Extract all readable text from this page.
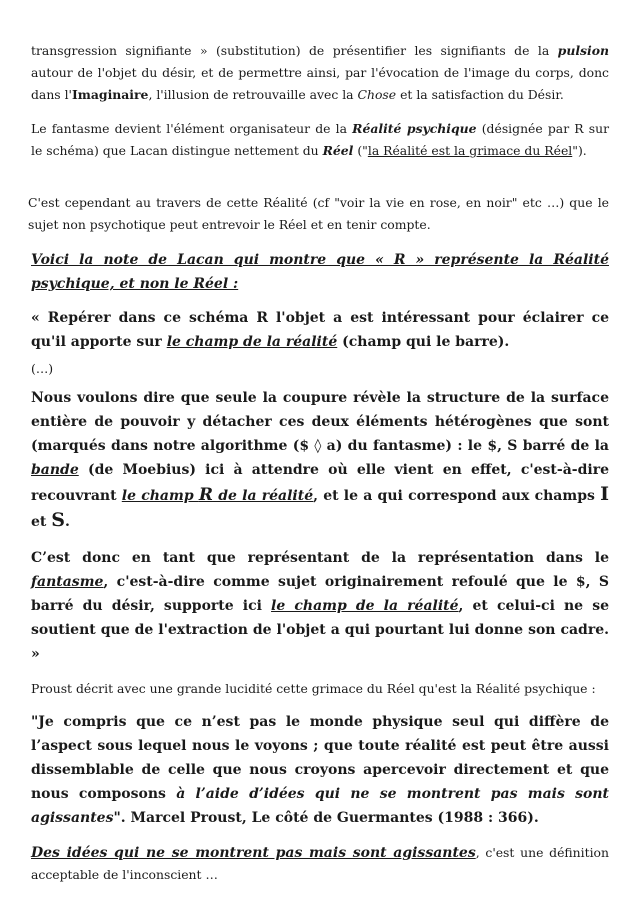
transgression signifiante » (substitution) de présentifier les signifiants de la pulsion autour de l'objet du désir, et de permettre ainsi, par l'évocation de l'image du corps, donc dans l'Imaginaire, l'illusion de retrouvaille avec la Chose et la satisfaction du Désir.

Le fantasme devient l'élément organisateur de la Réalité psychique (désignée par R sur le schéma) que Lacan distingue nettement du Réel ("la Réalité est la grimace du Réel").

C'est cependant au travers de cette Réalité (cf "voir la vie en rose, en noir" etc …) que le sujet non psychotique peut entrevoir le Réel et en tenir compte.

Voici la note de Lacan qui montre que « R » représente la Réalité psychique, et non le Réel :

« Repérer dans ce schéma R l'objet a est intéressant pour éclairer ce qu'il apporte sur le champ de la réalité (champ qui le barre).

(…)

Nous voulons dire que seule la coupure révèle la structure de la surface entière de pouvoir y détacher ces deux éléments hétérogènes que sont (marqués dans notre algorithme ($ ◊ a) du fantasme) : le $, S barré de la bande (de Moebius) ici à attendre où elle vient en effet, c'est-à-dire recouvrant le champ R de la réalité, et le a qui correspond aux champs I et S.

C’est donc en tant que représentant de la représentation dans le fantasme, c'est-à-dire comme sujet originairement refoulé que le $, S barré du désir, supporte ici le champ de la réalité, et celui-ci ne se soutient que de l'extraction de l'objet a qui pourtant lui donne son cadre. »

Proust décrit avec une grande lucidité cette grimace du Réel qu'est la Réalité psychique :

"Je compris que ce n’est pas le monde physique seul qui diffère de l’aspect sous lequel nous le voyons ; que toute réalité est peut être aussi dissemblable de celle que nous croyons apercevoir directement et que nous composons à l’aide d’idées qui ne se montrent pas mais sont agissantes". Marcel Proust, Le côté de Guermantes (1988 : 366).

Des idées qui ne se montrent pas mais sont agissantes, c'est une définition acceptable de l'inconscient …
